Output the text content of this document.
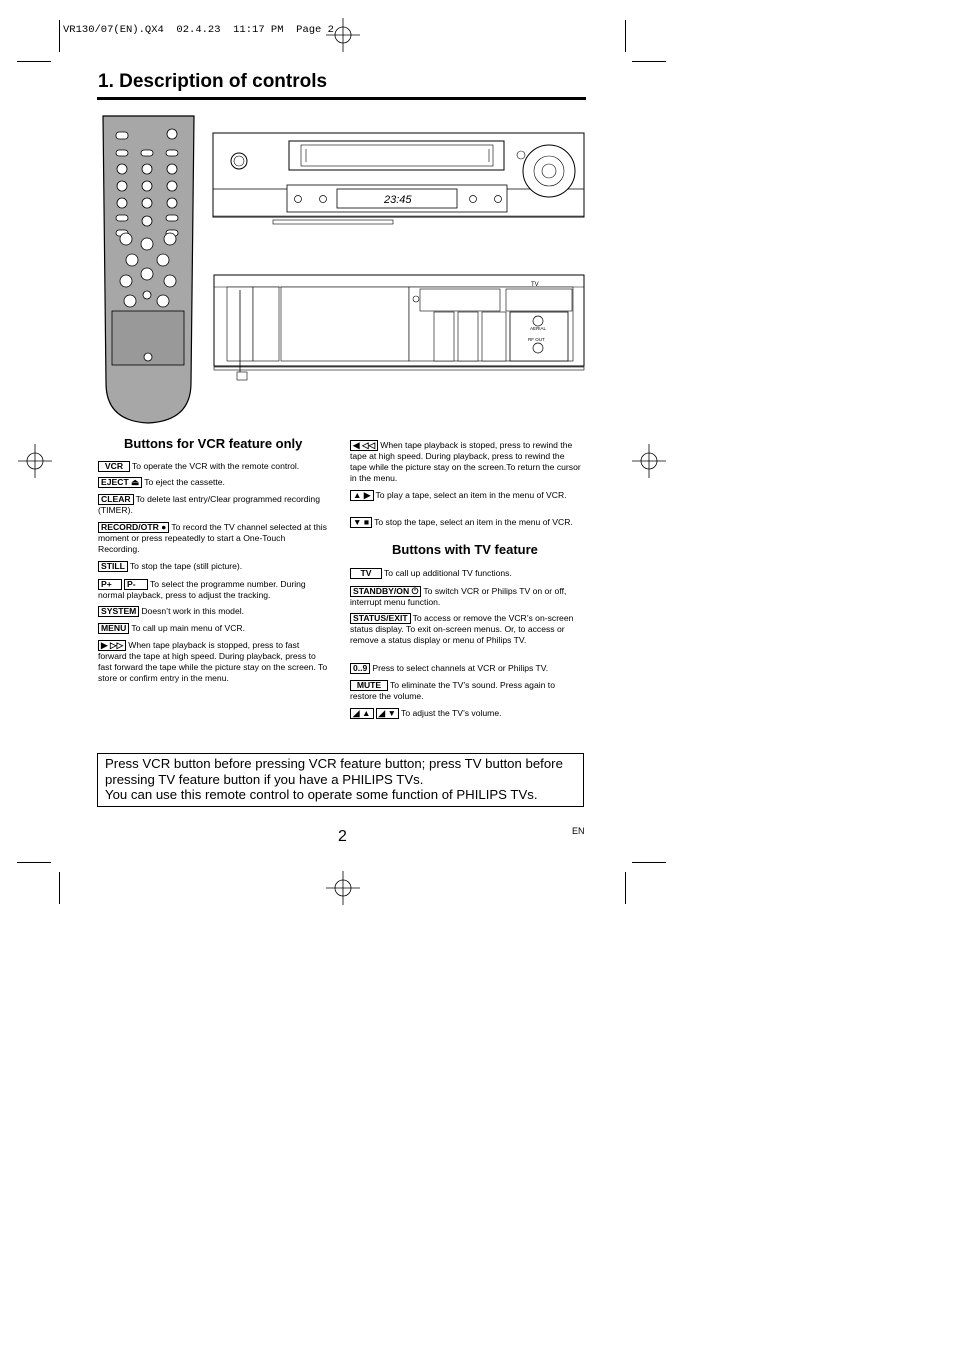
VR130/07(EN).QX4  02.4.23  11:17 PM  Page 2
1. Description of controls
23:45
TV
AERIAL
RF OUT
Buttons for VCR feature only
VCR To operate the VCR with the remote control.
EJECT ⏏ To eject the cassette.
CLEAR To delete last entry/Clear programmed recording (TIMER).
RECORD/OTR ● To record the TV channel selected at this moment or press repeatedly to start a One-Touch Recording.
STILL To stop the tape (still picture).
P+ P- To select the programme number. During normal playback, press to adjust the tracking.
SYSTEM Doesn’t work in this model.
MENU To call up main menu of VCR.
▶ ▷▷ When tape playback is stopped, press to fast forward the tape at high speed. During playback, press to fast forward the tape while the picture stay on the screen. To store or confirm entry in the menu.
◀ ◁◁ When tape playback is stoped, press to rewind the tape at high speed. During playback, press to rewind the tape while the picture stay on the screen.To return the cursor in the menu.
▲ ▶ To play a tape, select an item in the menu of VCR.
▼ ■ To stop the tape, select an item in the menu of VCR.
Buttons with TV feature
TV To call up additional TV functions.
STANDBY/ON ⏻ To switch VCR or Philips TV on or off, interrupt menu function.
STATUS/EXIT To access or remove the VCR’s on-screen status display. To exit on-screen menus. Or, to access or remove a status display or menu of Philips TV.
0..9 Press to select channels at VCR or Philips TV.
MUTE To eliminate the TV’s sound. Press again to restore the volume.
◢ ▲ ◢ ▼ To adjust the TV’s volume.
Press VCR button before pressing VCR feature button; press TV button before pressing TV feature button if you have a PHILIPS TVs.
You can use this remote control to operate some function of PHILIPS TVs.
2	EN
